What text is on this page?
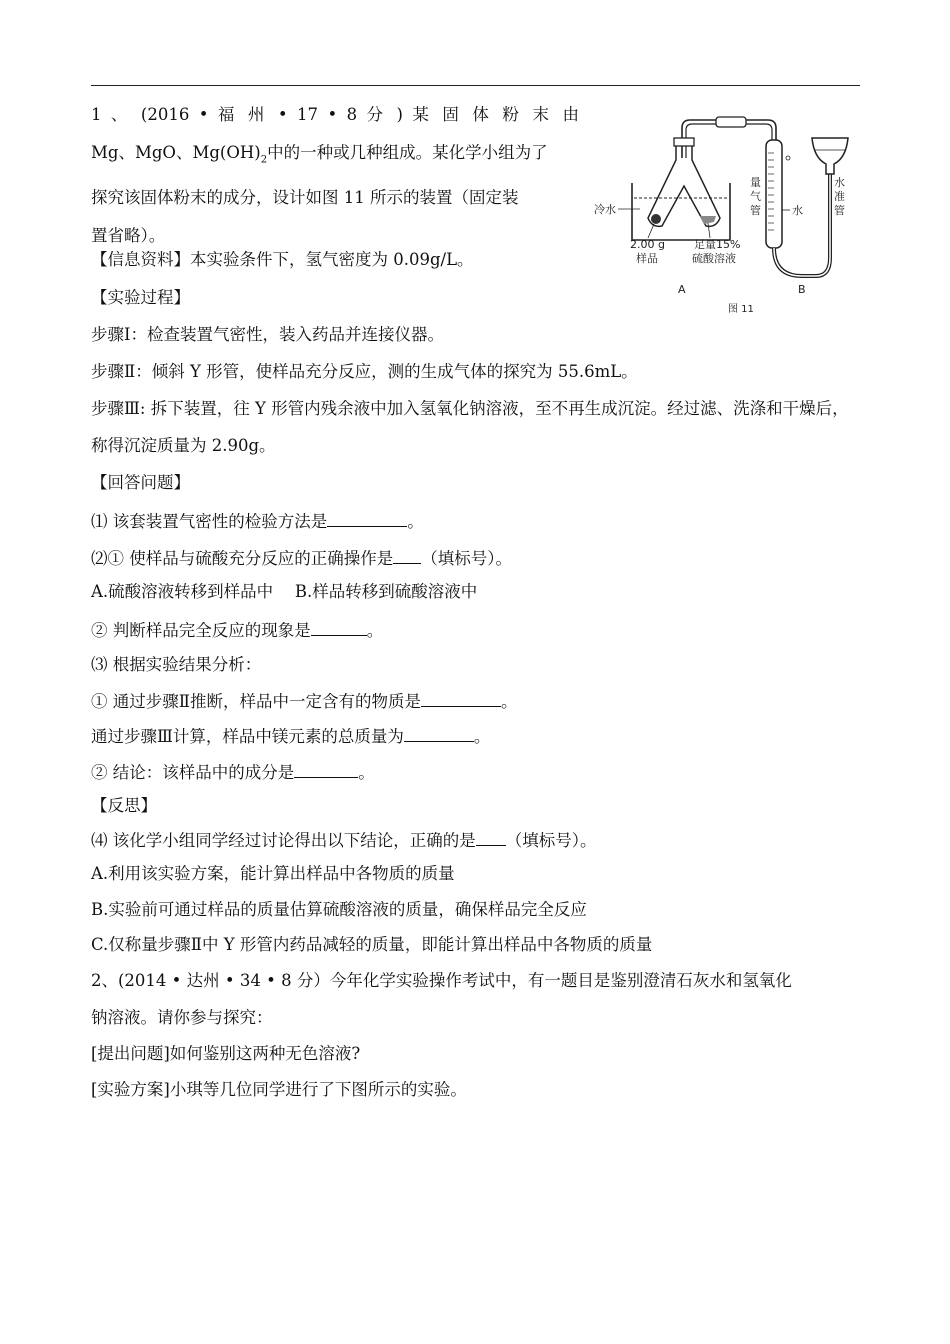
1 、 (2016 • 福 州 • 17 • 8 分 ) 某 固 体 粉 末 由

Mg、MgO、$Mg(OH)_2$中的一种或几种组成。某化学小组为了

探究该固体粉末的成分，设计如图 11 所示的装置（固定装

置省略）。

冷水
2.00 g
样品
足量15%
硫酸溶液
A
量
气
管	水
水
准
管
B
图 11
【信息资料】本实验条件下，氢气密度为 0.09g/L。
【实验过程】
步骤Ⅰ：检查装置气密性，装入药品并连接仪器。
步骤Ⅱ：倾斜 Y 形管，使样品充分反应，测的生成气体的探究为 55.6mL。
步骤Ⅲ: 拆下装置，往 Y 形管内残余液中加入氢氧化钠溶液，至不再生成沉淀。经过滤、洗涤和干燥后，称得沉淀质量为 2.90g。
【回答问题】
⑴ 该套装置气密性的检验方法是	。
⑵① 使样品与硫酸充分反应的正确操作是 （填标号）。
A.硫酸溶液转移到样品中　 B.样品转移到硫酸溶液中
② 判断样品完全反应的现象是	。
⑶ 根据实验结果分析：
① 通过步骤Ⅱ推断，样品中一定含有的物质是	。
通过步骤Ⅲ计算，样品中镁元素的总质量为	。
② 结论：该样品中的成分是	。
【反思】
⑷ 该化学小组同学经过讨论得出以下结论，正确的是 （填标号）。
A.利用该实验方案，能计算出样品中各物质的质量
B.实验前可通过样品的质量估算硫酸溶液的质量，确保样品完全反应
C.仅称量步骤Ⅱ中 Y 形管内药品减轻的质量，即能计算出样品中各物质的质量
2、(2014 • 达州 • 34 • 8 分）今年化学实验操作考试中，有一题目是鉴别澄清石灰水和氢氧化
钠溶液。请你参与探究：
[提出问题]如何鉴别这两种无色溶液?
[实验方案]小琪等几位同学进行了下图所示的实验。
